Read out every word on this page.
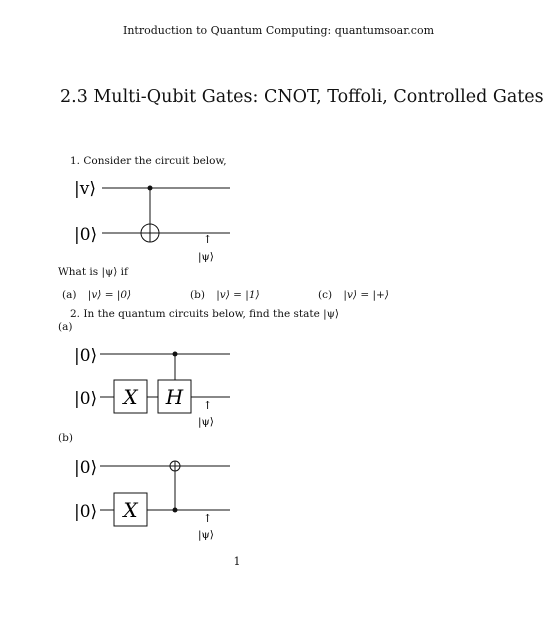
Introduction to Quantum Computing: quantumsoar.com
2.3 Multi-Qubit Gates: CNOT, Toffoli, Controlled Gates
1. Consider the circuit below,
|v⟩
|0⟩	↑
|ψ⟩
What is |ψ⟩ if
(a) |v⟩ = |0⟩	(b) |v⟩ = |1⟩	(c) |v⟩ = |+⟩
2. In the quantum circuits below, find the state |ψ⟩
(a)
|0⟩
|0⟩ X H ↑
|ψ⟩
(b)
|0⟩
|0⟩ X	↑
|ψ⟩
1
